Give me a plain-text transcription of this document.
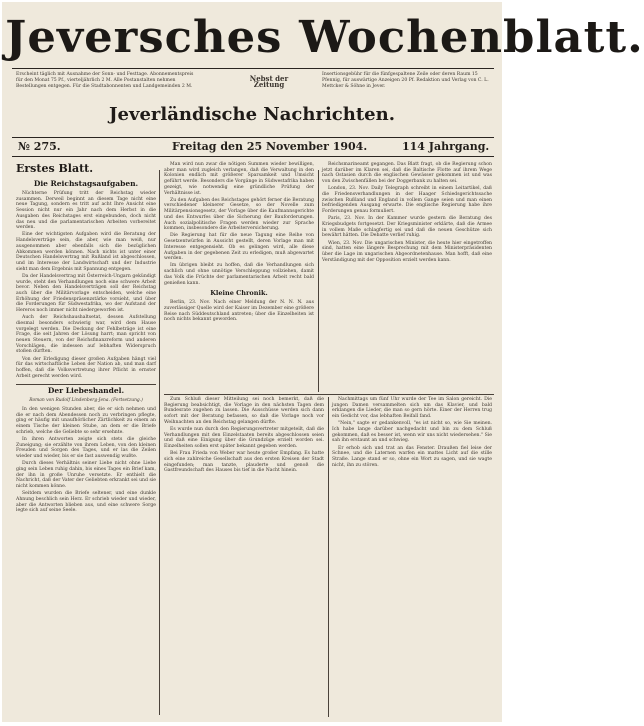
Jeversches Wochenblatt.
Erscheint täglich mit Ausnahme der Sonn- und Festtage. Abonnementspreis für den Monat 75 Pf., vierteljährlich 2 M. Alle Postanstalten nehmen Bestellungen entgegen. Für die Stadtabonnenten und Landgemeinden 2 M.
Nebst der Zeitung
Insertionsgebühr für die fünfgespaltene Zeile oder deren Raum 15 Pfennig, für auswärtige Anzeigen 20 Pf. Redaktion und Verlag von C. L. Mettcker & Söhne in Jever.
Jeverländische Nachrichten.
№ 275.	Freitag den 25 November 1904.	114 Jahrgang.
Erstes Blatt.
Die Reichstagsaufgaben.

Nüchterne Prüfung tritt der Reichstag wieder zusammen. Derweil beginnt an diesem Tage nicht eine neue Tagung, sondern es tritt auf acht Ihre Ansicht eine Session nicht nur ein Jahr nach dem Herbst in die Ausgaben des Reichstages erst eingebunden, doch nicht das neu und die parlamentarischen Arbeiten vorbereitet werden.

Eine der wichtigsten Aufgaben wird die Beratung der Handelsverträge sein, die aber, wie man weiß, nur ausgenommen aber ebenfalls sich die bezüglichen Abkommen werden können. Nach nichts ist unter einer Deutschen Handelsvertrag mit Rußland ist abgeschlossen, und im Interesse der Landwirtschaft und der Industrie sieht man dem Ergebnis mit Spannung entgegen.

Da der Handelsvertrag mit Österreich-Ungarn gekündigt wurde, steht den Verhandlungen noch eine schwere Arbeit bevor. Neben den Handelsverträgen soll der Reichstag auch über die Militärvorlage entscheiden, welche eine Erhöhung der Friedenspräsenzstärke vorsieht, und über die Forderungen für Südwestafrika, wo der Aufstand der Hereros noch immer nicht niedergeworfen ist.

Auch der Reichshaushaltsetat, dessen Aufstellung diesmal besonders schwierig war, wird dem Hause vorgelegt werden. Die Deckung der Fehlbeträge ist eine Frage, die seit Jahren der Lösung harrt; man spricht von neuen Steuern, von der Reichsfinanzreform und anderen Vorschlägen, die indessen auf lebhaften Widerspruch stoßen dürften.

Von der Erledigung dieser großen Aufgaben hängt viel für das wirtschaftliche Leben der Nation ab, und man darf hoffen, daß die Volksvertretung ihrer Pflicht in ernster Arbeit gerecht werden wird.

Der Liebeshandel.
Roman von Rudolf Lindenberg-Jena. (Fortsetzung.)

In den wenigen Stunden aber, die er sich nehmen und die er nach dem Abendessen noch zu verbringen pflegte, ging er häufig mit unaufhörlicher Zärtlichkeit zu einem an einem Tische der kleinen Stube, an dem er die Briefe schrieb, welche die Geliebte so sehr ersehnte.

In ihren Antworten zeigte sich stets die gleiche Zuneigung; sie erzählte von ihrem Leben, von den kleinen Freuden und Sorgen des Tages, und er las die Zeilen wieder und wieder, bis er sie fast auswendig wußte.

Durch dieses Verhältnis seiner Liebe nicht ohne Liebe ging sein Leben ruhig dahin, bis eines Tages ein Brief kam, der ihn in große Unruhe versetzte. Er enthielt die Nachricht, daß der Vater der Geliebten erkrankt sei und sie nicht kommen könne.

Seitdem wurden die Briefe seltener, und eine dunkle Ahnung beschlich sein Herz. Er schrieb wieder und wieder, aber die Antworten blieben aus, und eine schwere Sorge legte sich auf seine Seele.

Man wird nun zwar die nötigen Summen wieder bewilligen, aber man wird zugleich verlangen, daß die Verwaltung in den Kolonien endlich mit größerer Sparsamkeit und Umsicht geführt werde. Besonders die Vorgänge in Südwestafrika haben gezeigt, wie notwendig eine gründliche Prüfung der Verhältnisse ist.

Zu den Aufgaben des Reichstages gehört ferner die Beratung verschiedener kleinerer Gesetze, so der Novelle zum Militärpensionsgesetz, der Vorlage über die Kaufmannsgerichte und des Entwurfes über die Sicherung der Bauforderungen. Auch sozialpolitische Fragen werden wieder zur Sprache kommen, insbesondere die Arbeiterversicherung.

Die Regierung hat für die neue Tagung eine Reihe von Gesetzentwürfen in Aussicht gestellt, deren Vorlage man mit Interesse entgegensieht. Ob es gelingen wird, alle diese Aufgaben in der gegebenen Zeit zu erledigen, muß abgewartet werden.

Im übrigen bleibt zu hoffen, daß die Verhandlungen sich sachlich und ohne unnötige Verschleppung vollziehen, damit das Volk die Früchte der parlamentarischen Arbeit recht bald genießen kann.

Kleine Chronik.

Berlin, 23. Nov. Nach einer Meldung der N. N. N. aus zuverlässiger Quelle wird der Kaiser im Dezember eine größere Reise nach Süddeutschland antreten; über die Einzelheiten ist noch nichts bekannt geworden.

Reichsmarineamt gegangen. Das Blatt fragt, ob die Regierung schon jetzt darüber im Klaren sei, daß die Baltische Flotte auf ihrem Wege nach Ostasien durch die englischen Gewässer gekommen ist und was von den Zwischenfällen bei der Doggerbank zu halten sei.

London, 23. Nov. Daily Telegraph schreibt in einem Leitartikel, daß die Friedensverhandlungen in der Haager Schiedsgerichtssache zwischen Rußland und England in vollem Gange seien und man einen befriedigenden Ausgang erwarte. Die englische Regierung habe ihre Forderungen genau formuliert.

Paris, 23. Nov. In der Kammer wurde gestern die Beratung des Kriegsbudgets fortgesetzt. Der Kriegsminister erklärte, daß die Armee in vollem Maße schlagfertig sei und daß die neuen Geschütze sich bewährt hätten. Die Debatte verlief ruhig.

Wien, 23. Nov. Die ungarischen Minister, die heute hier eingetroffen sind, hatten eine längere Besprechung mit dem Ministerpräsidenten über die Lage im ungarischen Abgeordnetenhause. Man hofft, daß eine Verständigung mit der Opposition erzielt werden kann.

Zum Schluß dieser Mitteilung sei noch bemerkt, daß die Regierung beabsichtigt, die Vorlage in den nächsten Tagen dem Bundesrate zugehen zu lassen. Die Ausschüsse werden sich dann sofort mit der Beratung befassen, so daß die Vorlage noch vor Weihnachten an den Reichstag gelangen dürfte.

Es wurde nun durch den Regierungsvertreter mitgeteilt, daß die Verhandlungen mit den Einzelstaaten bereits abgeschlossen seien und daß eine Einigung über die Grundzüge erzielt worden sei. Einzelheiten sollen erst später bekannt gegeben werden.

Bei Frau Frieda von Weber war heute großer Empfang. Es hatte sich eine zahlreiche Gesellschaft aus den ersten Kreisen der Stadt eingefunden; man tanzte, plauderte und genoß die Gastfreundschaft des Hauses bis tief in die Nacht hinein.

Nachmittags um fünf Uhr wurde der Tee im Salon gereicht. Die jungen Damen versammelten sich um das Klavier, und bald erklangen die Lieder, die man so gern hörte. Einer der Herren trug ein Gedicht vor, das lebhaften Beifall fand.

"Nein," sagte er gedankenvoll, "es ist nicht so, wie Sie meinen. Ich habe lange darüber nachgedacht und bin zu dem Schluß gekommen, daß es besser ist, wenn wir uns nicht wiedersehen." Sie sah ihn erstaunt an und schwieg.

Er erhob sich und trat an das Fenster. Draußen fiel leise der Schnee, und die Laternen warfen ein mattes Licht auf die stille Straße. Lange stand er so, ohne ein Wort zu sagen, und sie wagte nicht, ihn zu stören.
